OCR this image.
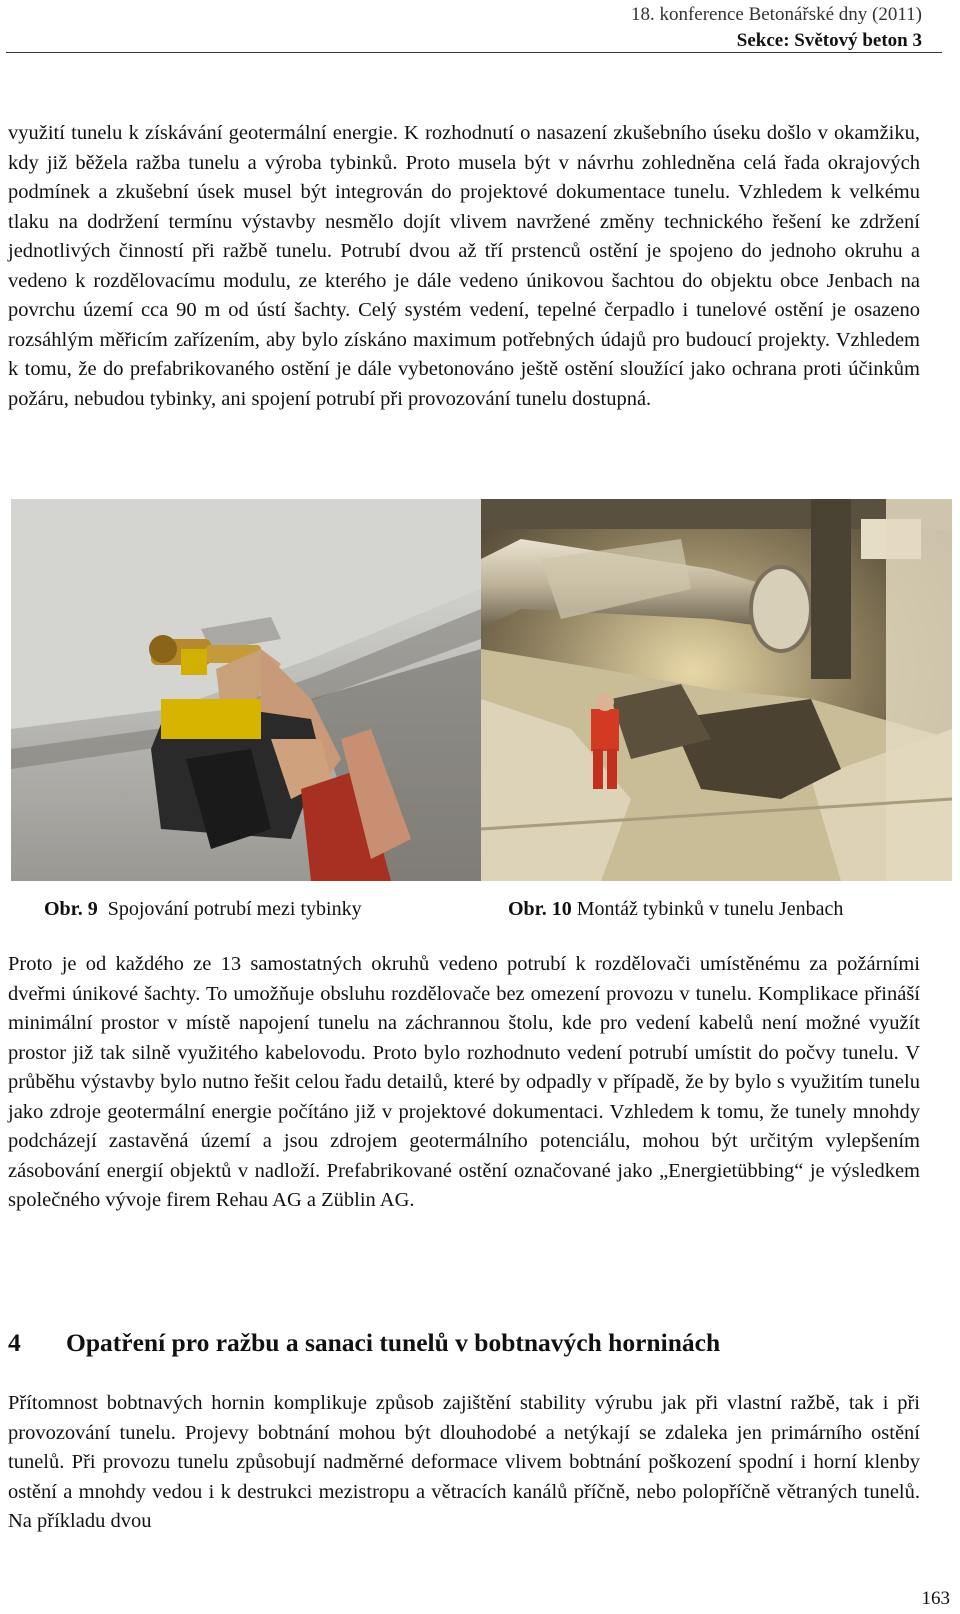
18. konference Betonářské dny (2011)
Sekce: Světový beton 3

využití tunelu k získávání geotermální energie. K rozhodnutí o nasazení zkušebního úseku došlo v okamžiku, kdy již běžela ražba tunelu a výroba tybinků. Proto musela být v návrhu zohledněna celá řada okrajových podmínek a zkušební úsek musel být integrován do projektové dokumentace tunelu. Vzhledem k velkému tlaku na dodržení termínu výstavby nesmělo dojít vlivem navržené změny technického řešení ke zdržení jednotlivých činností při ražbě tunelu. Potrubí dvou až tří prstenců ostění je spojeno do jednoho okruhu a vedeno k rozdělovacímu modulu, ze kterého je dále vedeno únikovou šachtou do objektu obce Jenbach na povrchu území cca 90 m od ústí šachty. Celý systém vedení, tepelné čerpadlo i tunelové ostění je osazeno rozsáhlým měřicím zařízením, aby bylo získáno maximum potřebných údajů pro budoucí projekty. Vzhledem k tomu, že do prefabrikovaného ostění je dále vybetonováno ještě ostění sloužící jako ochrana proti účinkům požáru, nebudou tybinky, ani spojení potrubí při provozování tunelu dostupná.

Obr. 9 Spojování potrubí mezi tybinky	Obr. 10 Montáž tybinků v tunelu Jenbach

Proto je od každého ze 13 samostatných okruhů vedeno potrubí k rozdělovači umístěnému za požárními dveřmi únikové šachty. To umožňuje obsluhu rozdělovače bez omezení provozu v tunelu. Komplikace přináší minimální prostor v místě napojení tunelu na záchrannou štolu, kde pro vedení kabelů není možné využít prostor již tak silně využitého kabelovodu. Proto bylo rozhodnuto vedení potrubí umístit do počvy tunelu. V průběhu výstavby bylo nutno řešit celou řadu detailů, které by odpadly v případě, že by bylo s využitím tunelu jako zdroje geotermální energie počítáno již v projektové dokumentaci. Vzhledem k tomu, že tunely mnohdy podcházejí zastavěná území a jsou zdrojem geotermálního potenciálu, mohou být určitým vylepšením zásobování energií objektů v nadloží. Prefabrikované ostění označované jako „Energietübbing“ je výsledkem společného vývoje firem Rehau AG a Züblin AG.

4 Opatření pro ražbu a sanaci tunelů v bobtnavých horninách

Přítomnost bobtnavých hornin komplikuje způsob zajištění stability výrubu jak při vlastní ražbě, tak i při provozování tunelu. Projevy bobtnání mohou být dlouhodobé a netýkají se zdaleka jen primárního ostění tunelů. Při provozu tunelu způsobují nadměrné deformace vlivem bobtnání poškození spodní i horní klenby ostění a mnohdy vedou i k destrukci mezistropu a větracích kanálů příčně, nebo polopříčně větraných tunelů. Na příkladu dvou

163
